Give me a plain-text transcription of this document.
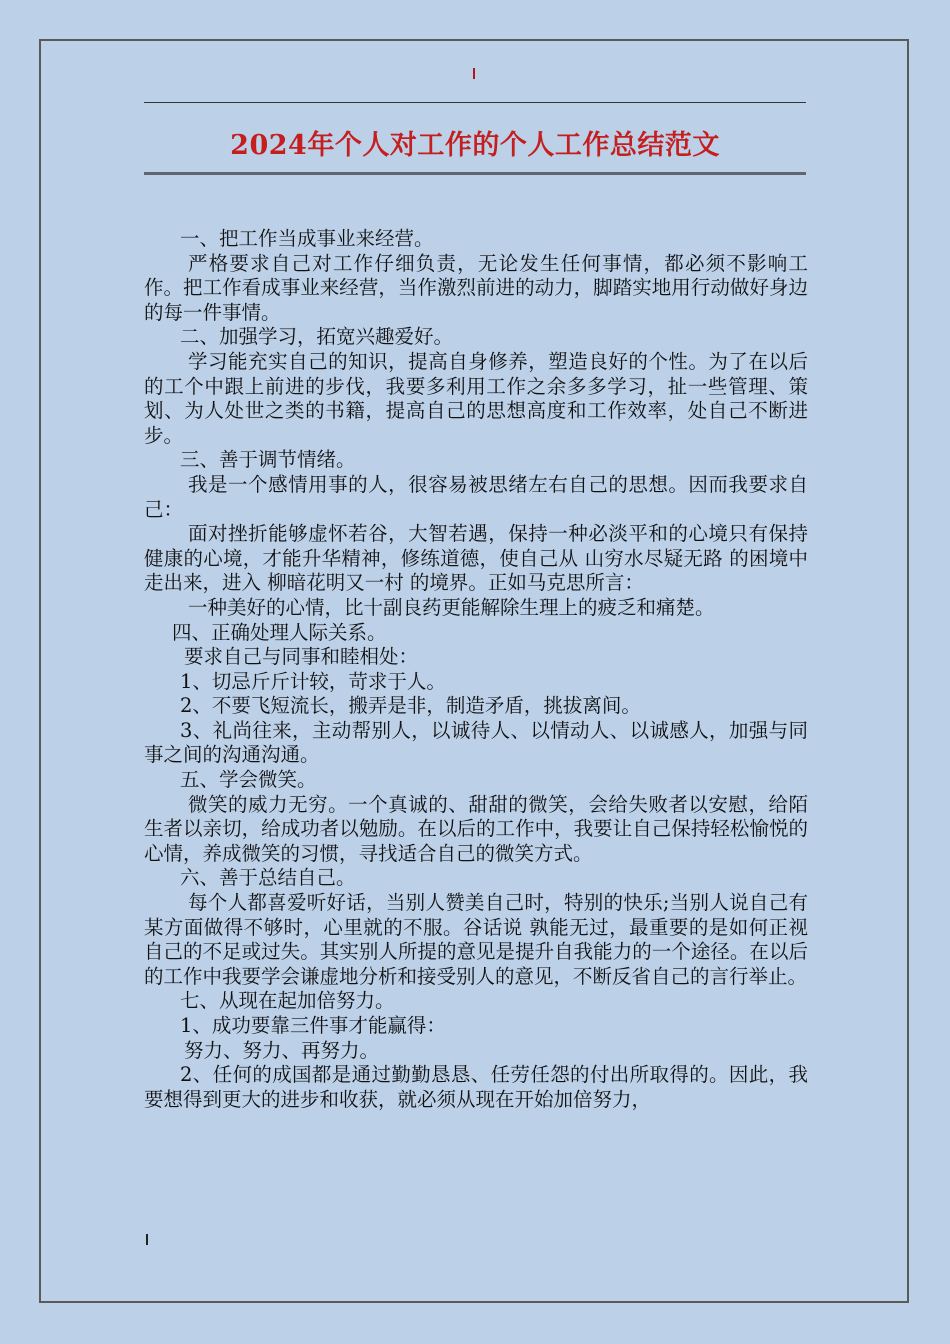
2024年个人对工作的个人工作总结范文

一、把工作当成事业来经营。

严格要求自己对工作仔细负责，无论发生任何事情，都必须不影响工作。把工作看成事业来经营，当作激烈前进的动力，脚踏实地用行动做好身边的每一件事情。

二、加强学习，拓宽兴趣爱好。

学习能充实自己的知识，提高自身修养，塑造良好的个性。为了在以后的工个中跟上前进的步伐，我要多利用工作之余多多学习，扯一些管理、策划、为人处世之类的书籍，提高自己的思想高度和工作效率，处自己不断进步。

三、善于调节情绪。

我是一个感情用事的人，很容易被思绪左右自己的思想。因而我要求自己：

面对挫折能够虚怀若谷，大智若遇，保持一种必淡平和的心境只有保持健康的心境，才能升华精神，修练道德，使自己从 山穷水尽疑无路 的困境中走出来，进入 柳暗花明又一村 的境界。正如马克思所言：

一种美好的心情，比十副良药更能解除生理上的疲乏和痛楚。

四、正确处理人际关系。

要求自己与同事和睦相处：

1、切忌斤斤计较，苛求于人。

2、不要飞短流长，搬弄是非，制造矛盾，挑拔离间。

3、礼尚往来，主动帮别人，以诚待人、以情动人、以诚感人，加强与同事之间的沟通沟通。

五、学会微笑。

微笑的威力无穷。一个真诚的、甜甜的微笑，会给失败者以安慰，给陌生者以亲切，给成功者以勉励。在以后的工作中，我要让自己保持轻松愉悦的心情，养成微笑的习惯，寻找适合自己的微笑方式。

六、善于总结自己。

每个人都喜爱听好话，当别人赞美自己时，特别的快乐;当别人说自己有某方面做得不够时，心里就的不服。谷话说 孰能无过，最重要的是如何正视自己的不足或过失。其实别人所提的意见是提升自我能力的一个途径。在以后的工作中我要学会谦虚地分析和接受别人的意见，不断反省自己的言行举止。

七、从现在起加倍努力。

1、成功要靠三件事才能赢得：

努力、努力、再努力。

2、任何的成国都是通过勤勤恳恳、任劳任怨的付出所取得的。因此，我要想得到更大的进步和收获，就必须从现在开始加倍努力，
